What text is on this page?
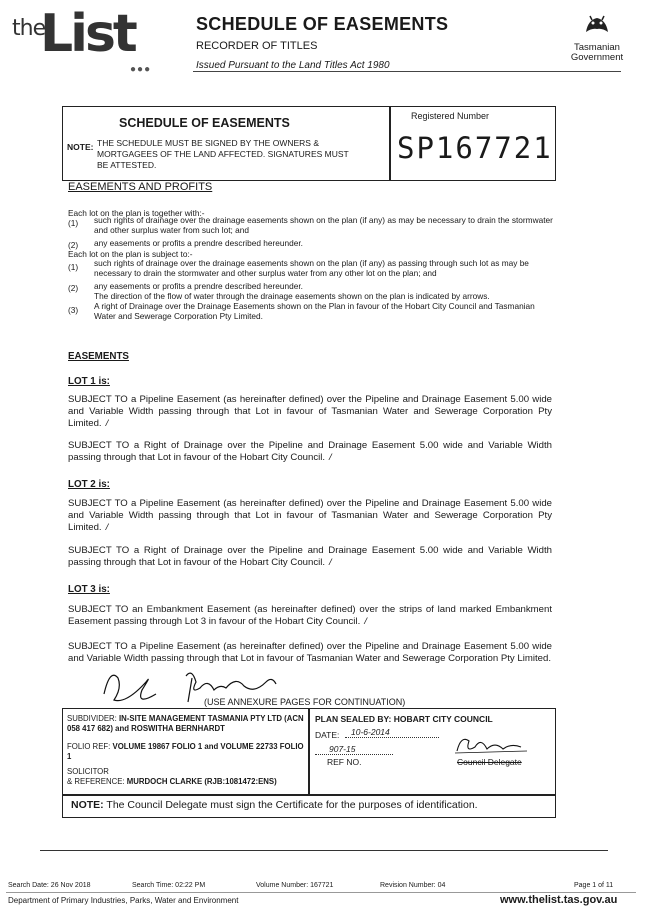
the
List
●●●
SCHEDULE OF EASEMENTS
RECORDER OF TITLES
Issued Pursuant to the Land Titles Act 1980
Tasmanian
Government
SCHEDULE OF EASEMENTS
NOTE: THE SCHEDULE MUST BE SIGNED BY THE OWNERS & MORTGAGEES OF THE LAND AFFECTED. SIGNATURES MUST BE ATTESTED.
Registered Number
SP167721
EASEMENTS AND PROFITS
Each lot on the plan is together with:-
(1) such rights of drainage over the drainage easements shown on the plan (if any) as may be necessary to drain the stormwater and other surplus water from such lot; and
(2) any easements or profits a prendre described hereunder.
Each lot on the plan is subject to:-
(1) such rights of drainage over the drainage easements shown on the plan (if any) as passing through such lot as may be necessary to drain the stormwater and other surplus water from any other lot on the plan; and
(2) any easements or profits a prendre described hereunder.
The direction of the flow of water through the drainage easements shown on the plan is indicated by arrows.
(3) A right of Drainage over the Drainage Easements shown on the Plan in favour of the Hobart City Council and Tasmanian Water and Sewerage Corporation Pty Limited.
EASEMENTS
LOT 1 is:
SUBJECT TO a Pipeline Easement (as hereinafter defined) over the Pipeline and Drainage Easement 5.00 wide and Variable Width passing through that Lot in favour of Tasmanian Water and Sewerage Corporation Pty Limited. /
SUBJECT TO a Right of Drainage over the Pipeline and Drainage Easement 5.00 wide and Variable Width passing through that Lot in favour of the Hobart City Council. /
LOT 2 is:
SUBJECT TO a Pipeline Easement (as hereinafter defined) over the Pipeline and Drainage Easement 5.00 wide and Variable Width passing through that Lot in favour of Tasmanian Water and Sewerage Corporation Pty Limited. /
SUBJECT TO a Right of Drainage over the Pipeline and Drainage Easement 5.00 wide and Variable Width passing through that Lot in favour of the Hobart City Council. /
LOT 3 is:
SUBJECT TO an Embankment Easement (as hereinafter defined) over the strips of land marked Embankment Easement passing through Lot 3 in favour of the Hobart City Council. /
SUBJECT TO a Pipeline Easement (as hereinafter defined) over the Pipeline and Drainage Easement 5.00 wide and Variable Width passing through that Lot in favour of Tasmanian Water and Sewerage Corporation Pty Limited.
(USE ANNEXURE PAGES FOR CONTINUATION)
SUBDIVIDER: IN-SITE MANAGEMENT TASMANIA PTY LTD (ACN 058 417 682) and ROSWITHA BERNHARDT
FOLIO REF: VOLUME 19867 FOLIO 1 and VOLUME 22733 FOLIO 1
SOLICITOR
& REFERENCE: MURDOCH CLARKE (RJB:1081472:ENS)
PLAN SEALED BY: HOBART CITY COUNCIL
DATE:	10-6-2014
907-15
REF NO.	Council Delegate
NOTE: The Council Delegate must sign the Certificate for the purposes of identification.
Search Date: 26 Nov 2018	Search Time: 02:22 PM	Volume Number: 167721	Revision Number: 04	Page 1 of 11
Department of Primary Industries, Parks, Water and Environment	www.thelist.tas.gov.au
